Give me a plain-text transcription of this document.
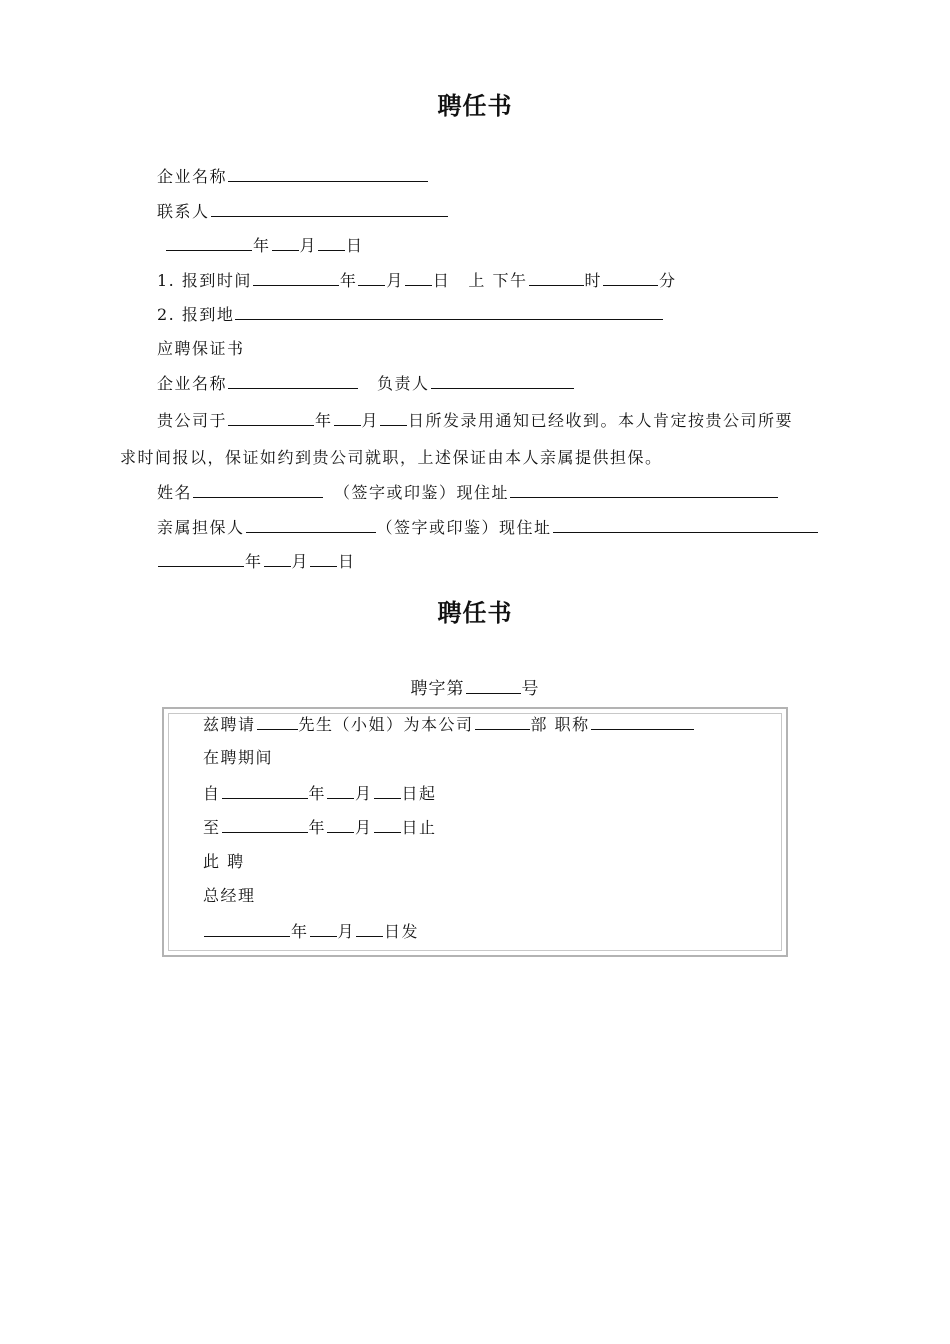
聘任书
企业名称
联系人
年 月 日
1. 报到时间	年 月 日 上 下午	时	分
2. 报到地
应聘保证书
企业名称	负责人
贵公司于	年 月 日所发录用通知已经收到。本人肯定按贵公司所要
求时间报以，保证如约到贵公司就职，上述保证由本人亲属提供担保。
姓名	（签字或印鉴）现住址
亲属担保人	（签字或印鉴）现住址
年 月 日
聘任书
聘字第	号
兹聘请	先生（小姐）为本公司	部 职称
在聘期间
自	年 月 日起
至	年 月 日止
此 聘
总经理
年 月 日发
